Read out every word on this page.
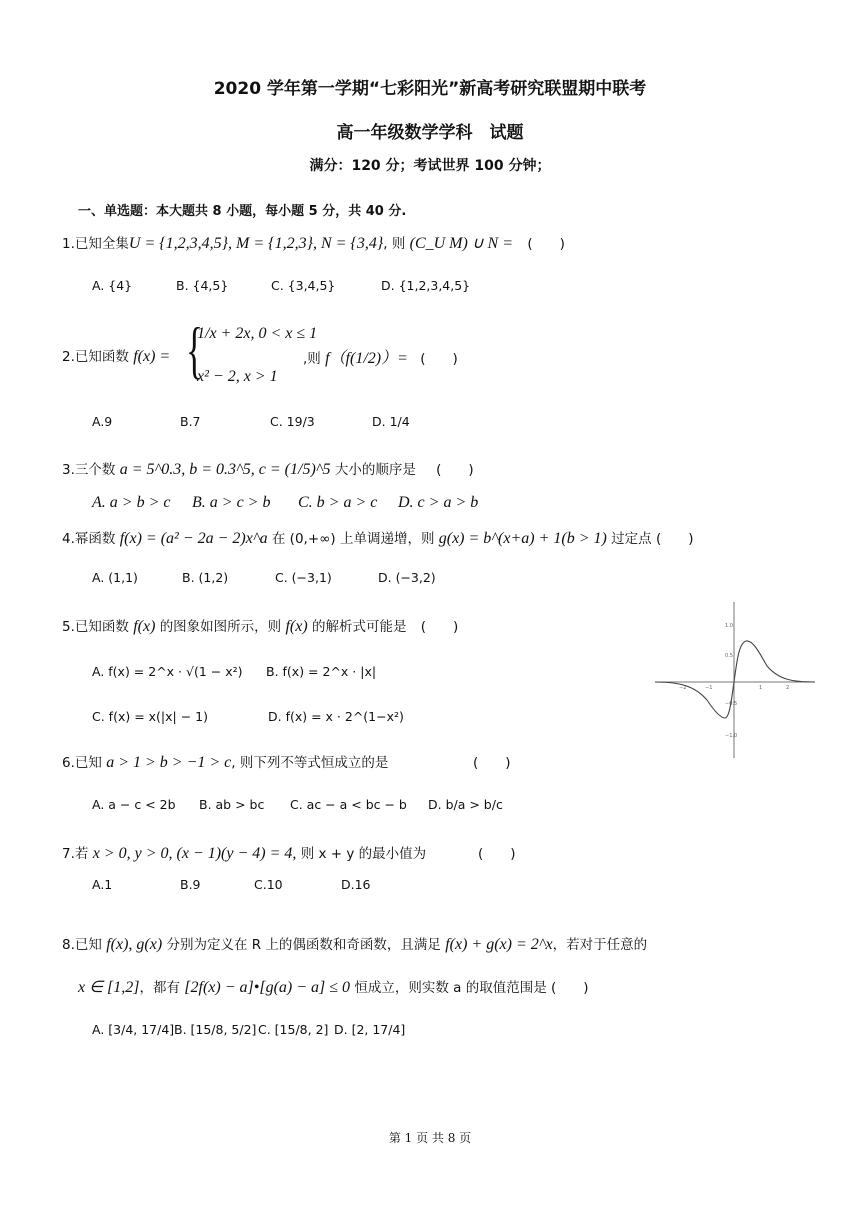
2020 学年第一学期“七彩阳光”新高考研究联盟期中联考
高一年级数学学科　试题
满分：120 分；考试世界 100 分钟；
一、单选题：本大题共 8 小题，每小题 5 分，共 40 分.
1.已知全集U = {1,2,3,4,5}, M = {1,2,3}, N = {3,4}, 则 (C_U M) ∪ N = (　　)
A. {4}	B. {4,5}	C. {3,4,5}	D. {1,2,3,4,5}
2.已知函数 f(x) = {
1/x + 2x, 0 < x ≤ 1
x² − 2, x > 1
,则 f（f(1/2)）= (　　)
A.9	B.7	C. 19/3	D. 1/4
3.三个数 a = 5^0.3, b = 0.3^5, c = (1/5)^5 大小的顺序是 (　　)
A. a > b > c B. a > c > b C. b > a > c D. c > a > b
4.幂函数 f(x) = (a² − 2a − 2)x^a 在 (0,+∞) 上单调递增，则 g(x) = b^(x+a) + 1(b > 1) 过定点 (　　)
A. (1,1)	B. (1,2)	C. (−3,1)	D. (−3,2)
5.已知函数 f(x) 的图象如图所示，则 f(x) 的解析式可能是 (　　)
A. f(x) = 2^x · √(1 − x²) B. f(x) = 2^x · |x|
C. f(x) = x(|x| − 1)	D. f(x) = x · 2^(1−x²)
1.0
0.5
−0.5
−1.0
−2	−1	1	2
6.已知 a > 1 > b > −1 > c, 则下列不等式恒成立的是	(　　)
A. a − c < 2b B. ab > bc C. ac − a < bc − b D. b/a > b/c
7.若 x > 0, y > 0, (x − 1)(y − 4) = 4, 则 x + y 的最小值为	(　　)
A.1	B.9	C.10	D.16
8.已知 f(x), g(x) 分别为定义在 R 上的偶函数和奇函数，且满足 f(x) + g(x) = 2^x，若对于任意的
x ∈ [1,2]，都有 [2f(x) − a]•[g(a) − a] ≤ 0 恒成立，则实数 a 的取值范围是 (　　)
A. [3/4, 17/4] B. [15/8, 5/2] C. [15/8, 2] D. [2, 17/4]
第 1 页 共 8 页
